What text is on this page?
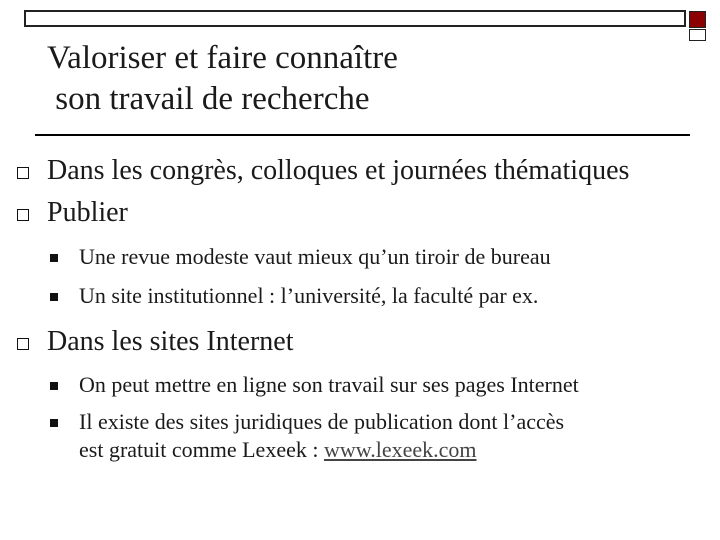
Valoriser et faire connaître
son travail de recherche
Dans les congrès, colloques et journées thématiques
Publier
Une revue modeste vaut mieux qu’un tiroir de bureau
Un site institutionnel : l’université, la faculté par ex.
Dans les sites Internet
On peut mettre en ligne son travail sur ses pages Internet
Il existe des sites juridiques de publication dont l’accès
est gratuit comme Lexeek : www.lexeek.com
